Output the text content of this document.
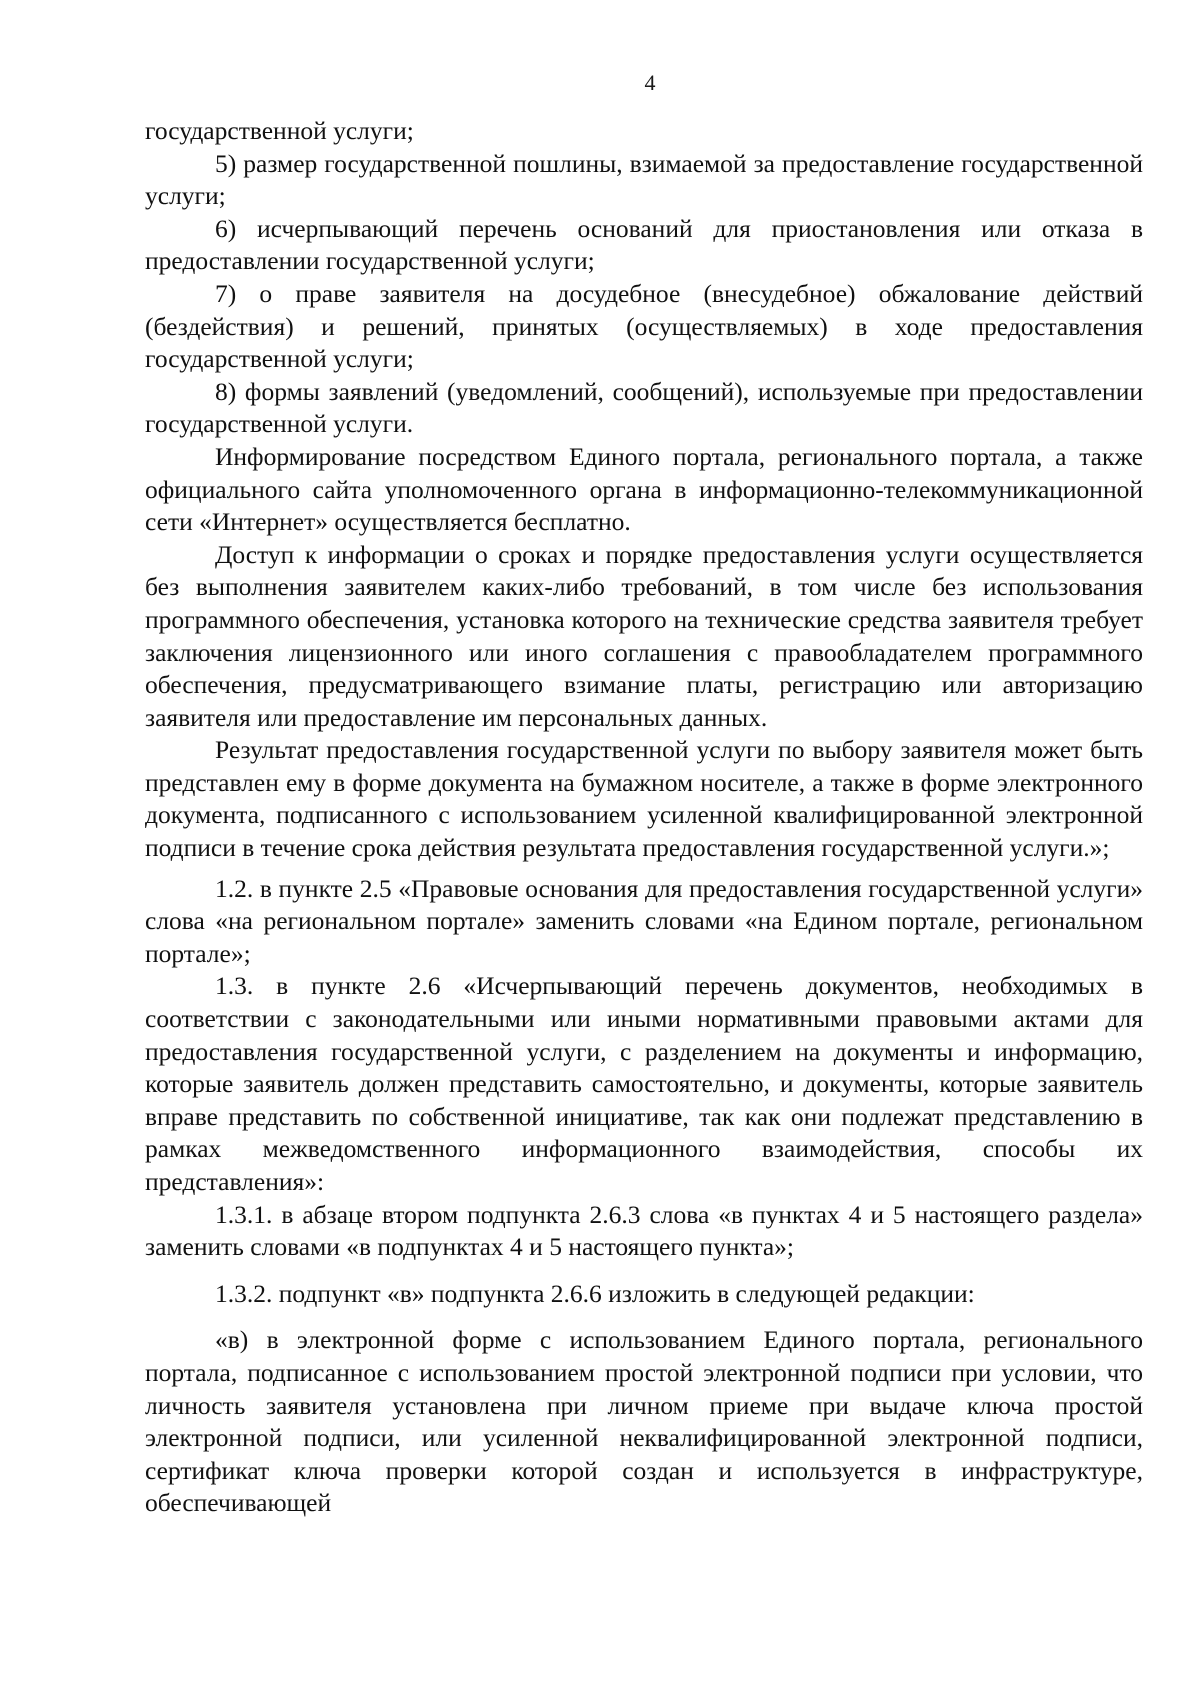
4

государственной услуги;

5) размер государственной пошлины, взимаемой за предоставление государственной услуги;

6) исчерпывающий перечень оснований для приостановления или отказа в предоставлении государственной услуги;

7) о праве заявителя на досудебное (внесудебное) обжалование действий (бездействия) и решений, принятых (осуществляемых) в ходе предоставления государственной услуги;

8) формы заявлений (уведомлений, сообщений), используемые при предоставлении государственной услуги.

Информирование посредством Единого портала, регионального портала, а также официального сайта уполномоченного органа в информационно-телекоммуникационной сети «Интернет» осуществляется бесплатно.

Доступ к информации о сроках и порядке предоставления услуги осуществляется без выполнения заявителем каких-либо требований, в том числе без использования программного обеспечения, установка которого на технические средства заявителя требует заключения лицензионного или иного соглашения с правообладателем программного обеспечения, предусматривающего взимание платы, регистрацию или авторизацию заявителя или предоставление им персональных данных.

Результат предоставления государственной услуги по выбору заявителя может быть представлен ему в форме документа на бумажном носителе, а также в форме электронного документа, подписанного с использованием усиленной квалифицированной электронной подписи в течение срока действия результата предоставления государственной услуги.»;

1.2. в пункте 2.5 «Правовые основания для предоставления государственной услуги» слова «на региональном портале» заменить словами «на Едином портале, региональном портале»;

1.3. в пункте 2.6 «Исчерпывающий перечень документов, необходимых в соответствии с законодательными или иными нормативными правовыми актами для предоставления государственной услуги, с разделением на документы и информацию, которые заявитель должен представить самостоятельно, и документы, которые заявитель вправе представить по собственной инициативе, так как они подлежат представлению в рамках межведомственного информационного взаимодействия, способы их представления»:

1.3.1. в абзаце втором подпункта 2.6.3 слова «в пунктах 4 и 5 настоящего раздела» заменить словами «в подпунктах 4 и 5 настоящего пункта»;

1.3.2. подпункт «в» подпункта 2.6.6 изложить в следующей редакции:

«в) в электронной форме с использованием Единого портала, регионального портала, подписанное с использованием простой электронной подписи при условии, что личность заявителя установлена при личном приеме при выдаче ключа простой электронной подписи, или усиленной неквалифицированной электронной подписи, сертификат ключа проверки которой создан и используется в инфраструктуре, обеспечивающей
